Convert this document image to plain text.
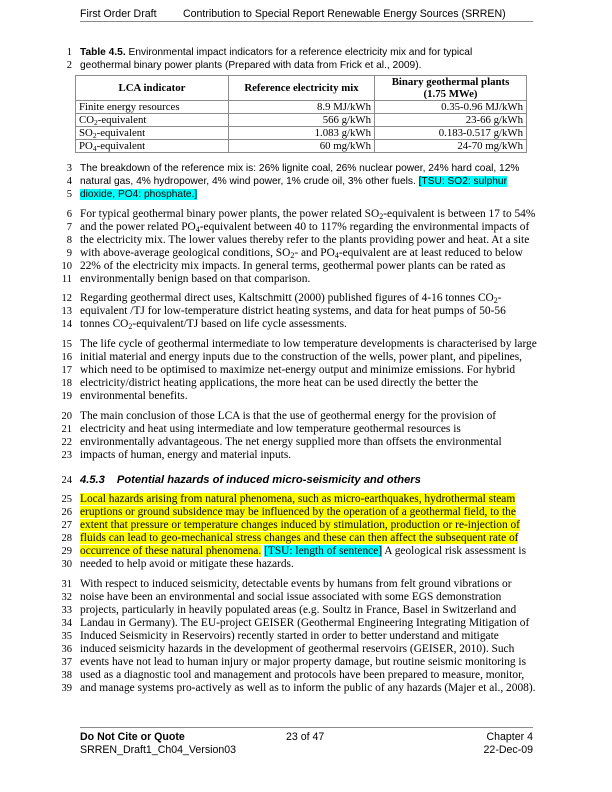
First Order Draft Contribution to Special Report Renewable Energy Sources (SRREN)
1
2
3
4
5
6
7
8
9
10
11
12
13
14
15
16
17
18
19
20
21
22
23
24
25
26
27
28
29
30
31
32
33
34
35
36
37
38
39
Table 4.5. Environmental impact indicators for a reference electricity mix and for typical
geothermal binary power plants (Prepared with data from Frick et al., 2009).
LCA indicator	Reference electricity mix	Binary geothermal plants
(1.75 MWe)
Finite energy resources	8.9 MJ/kWh	0.35-0.96 MJ/kWh
$CO_2$-equivalent	566 g/kWh	23-66 g/kWh
$SO_2$-equivalent	1.083 g/kWh	0.183-0.517 g/kWh
$PO_4$-equivalent	60 mg/kWh	24-70 mg/kWh
The breakdown of the reference mix is: 26% lignite coal, 26% nuclear power, 24% hard coal, 12%
natural gas, 4% hydropower, 4% wind power, 1% crude oil, 3% other fuels. [TSU: SO2: sulphur
dioxide, PO4: phosphate.]
For typical geothermal binary power plants, the power related $SO_2$-equivalent is between 17 to 54%
and the power related $PO_4$-equivalent between 40 to 117% regarding the environmental impacts of
the electricity mix. The lower values thereby refer to the plants providing power and heat. At a site
with above-average geological conditions, $SO_2-$ and $PO_4$-equivalent are at least reduced to below
22% of the electricity mix impacts. In general terms, geothermal power plants can be rated as
environmentally benign based on that comparison.
Regarding geothermal direct uses, Kaltschmitt (2000) published figures of 4-16 tonnes $CO_2-$
equivalent /TJ for low-temperature district heating systems, and data for heat pumps of 50-56
tonnes $CO_2-equivalent/TJ$ based on life cycle assessments.
The life cycle of geothermal intermediate to low temperature developments is characterised by large
initial material and energy inputs due to the construction of the wells, power plant, and pipelines,
which need to be optimised to maximize net-energy output and minimize emissions. For hybrid
electricity/district heating applications, the more heat can be used directly the better the
environmental benefits.
The main conclusion of those LCA is that the use of geothermal energy for the provision of
electricity and heat using intermediate and low temperature geothermal resources is
environmentally advantageous. The net energy supplied more than offsets the environmental
impacts of human, energy and material inputs.
4.5.3 Potential hazards of induced micro-seismicity and others
Local hazards arising from natural phenomena, such as micro-earthquakes, hydrothermal steam
eruptions or ground subsidence may be influenced by the operation of a geothermal field, to the
extent that pressure or temperature changes induced by stimulation, production or re-injection of
fluids can lead to geo-mechanical stress changes and these can then affect the subsequent rate of
occurrence of these natural phenomena. [TSU: length of sentence] A geological risk assessment is
needed to help avoid or mitigate these hazards.
With respect to induced seismicity, detectable events by humans from felt ground vibrations or
noise have been an environmental and social issue associated with some EGS demonstration
projects, particularly in heavily populated areas (e.g. Soultz in France, Basel in Switzerland and
Landau in Germany). The EU-project GEISER (Geothermal Engineering Integrating Mitigation of
Induced Seismicity in Reservoirs) recently started in order to better understand and mitigate
induced seismicity hazards in the development of geothermal reservoirs (GEISER, 2010). Such
events have not lead to human injury or major property damage, but routine seismic monitoring is
used as a diagnostic tool and management and protocols have been prepared to measure, monitor,
and manage systems pro-actively as well as to inform the public of any hazards (Majer et al., 2008).
Do Not Cite or Quote
SRREN_Draft1_Ch04_Version03
23 of 47	Chapter 4
22-Dec-09
